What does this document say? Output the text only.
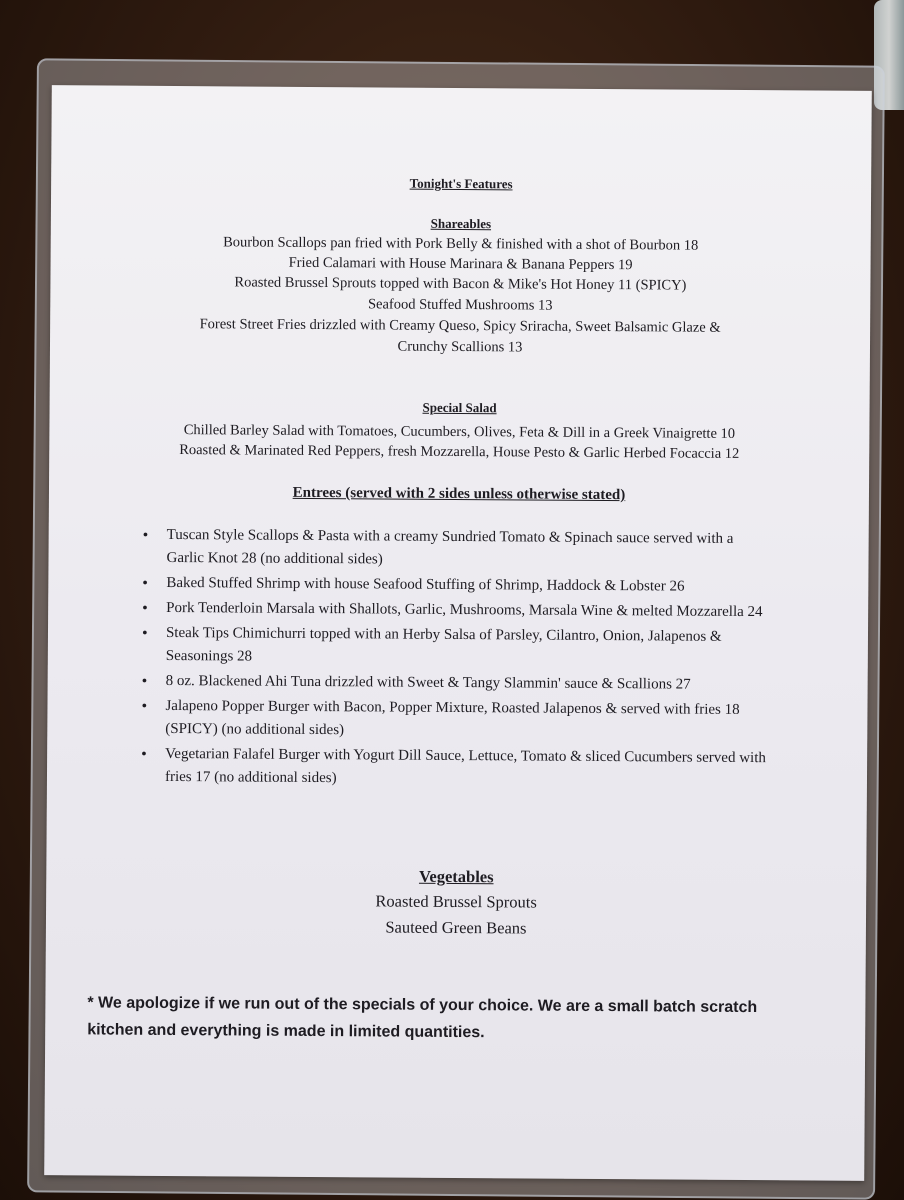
Tonight's Features
Shareables
Bourbon Scallops pan fried with Pork Belly & finished with a shot of Bourbon 18
Fried Calamari with House Marinara & Banana Peppers 19
Roasted Brussel Sprouts topped with Bacon & Mike's Hot Honey 11 (SPICY)
Seafood Stuffed Mushrooms 13
Forest Street Fries drizzled with Creamy Queso, Spicy Sriracha, Sweet Balsamic Glaze &
Crunchy Scallions 13
Special Salad
Chilled Barley Salad with Tomatoes, Cucumbers, Olives, Feta & Dill in a Greek Vinaigrette 10
Roasted & Marinated Red Peppers, fresh Mozzarella, House Pesto & Garlic Herbed Focaccia 12
Entrees (served with 2 sides unless otherwise stated)
• Tuscan Style Scallops & Pasta with a creamy Sundried Tomato & Spinach sauce served with a Garlic Knot 28 (no additional sides)
• Baked Stuffed Shrimp with house Seafood Stuffing of Shrimp, Haddock & Lobster 26
• Pork Tenderloin Marsala with Shallots, Garlic, Mushrooms, Marsala Wine & melted Mozzarella 24
• Steak Tips Chimichurri topped with an Herby Salsa of Parsley, Cilantro, Onion, Jalapenos & Seasonings 28
• 8 oz. Blackened Ahi Tuna drizzled with Sweet & Tangy Slammin' sauce & Scallions 27
• Jalapeno Popper Burger with Bacon, Popper Mixture, Roasted Jalapenos & served with fries 18 (SPICY) (no additional sides)
• Vegetarian Falafel Burger with Yogurt Dill Sauce, Lettuce, Tomato & sliced Cucumbers served with fries 17 (no additional sides)
Vegetables
Roasted Brussel Sprouts
Sauteed Green Beans
* We apologize if we run out of the specials of your choice. We are a small batch scratch kitchen and everything is made in limited quantities.
